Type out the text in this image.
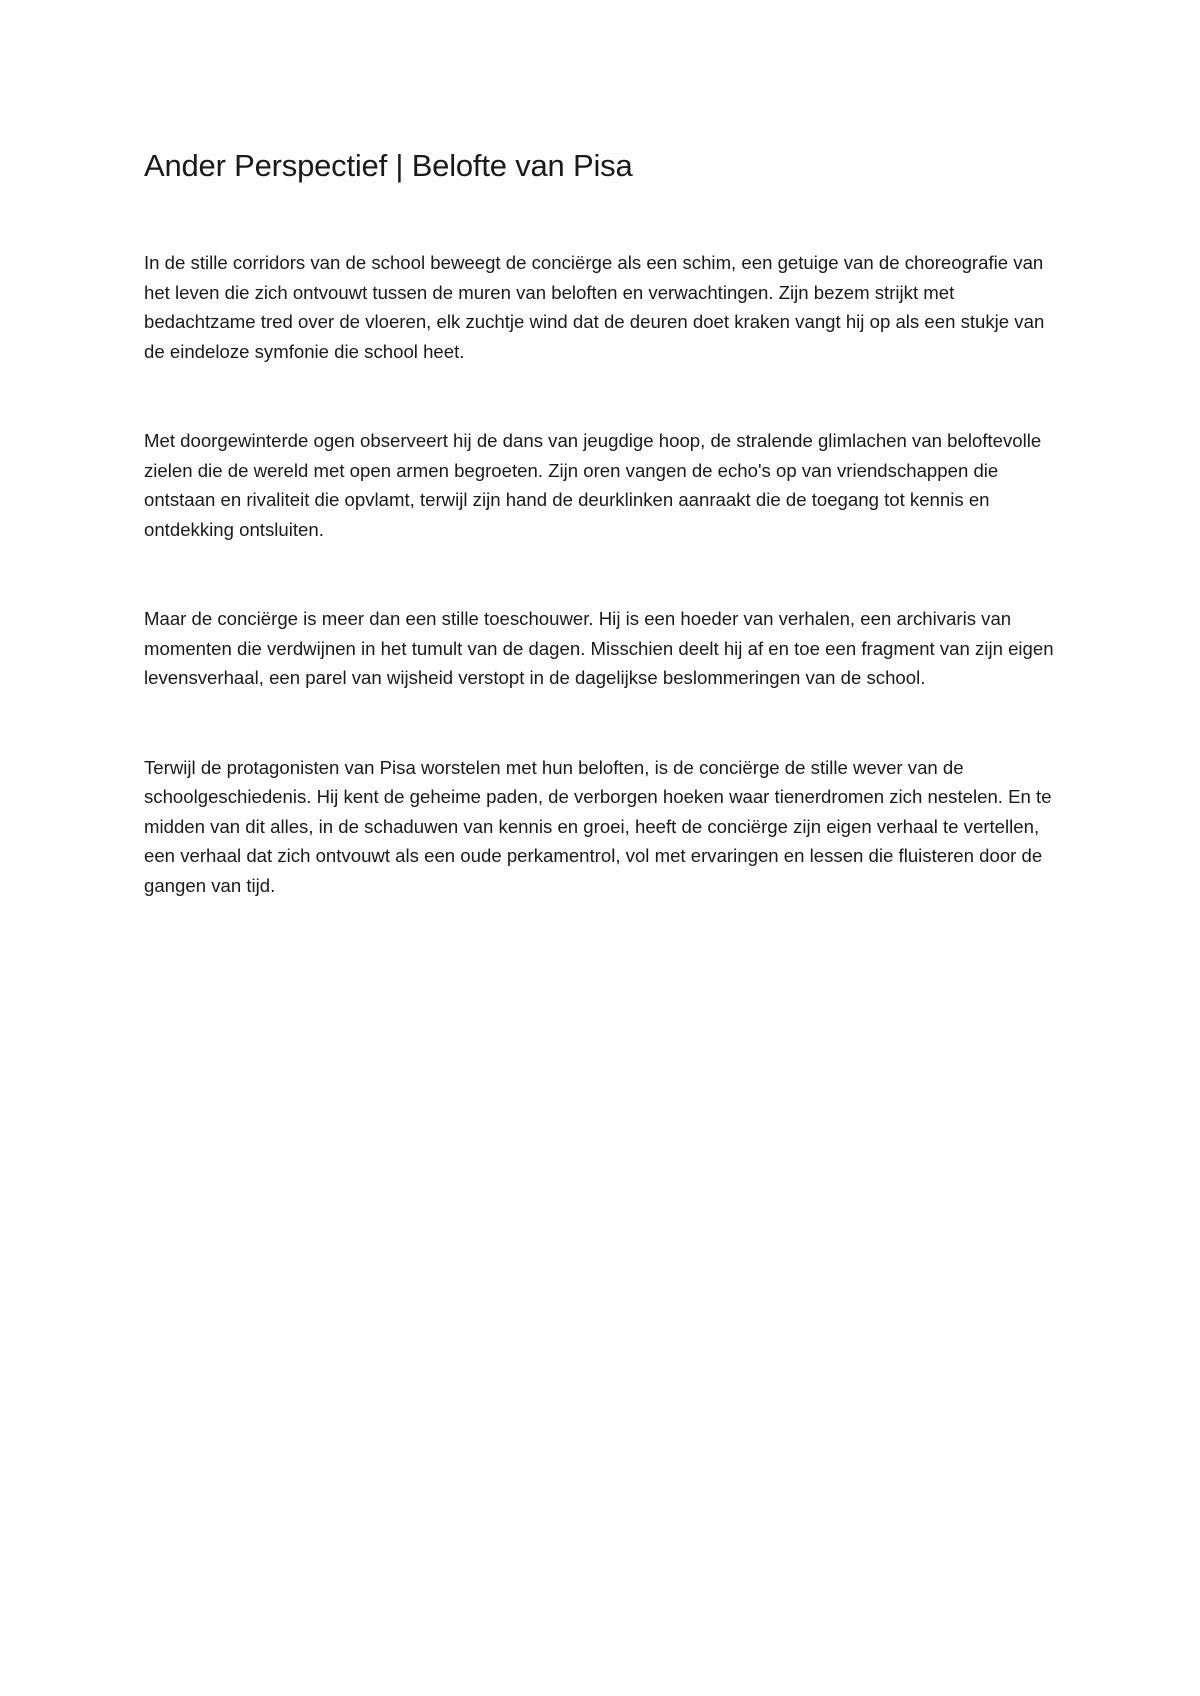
Ander Perspectief | Belofte van Pisa

In de stille corridors van de school beweegt de conciërge als een schim, een getuige van de choreografie van het leven die zich ontvouwt tussen de muren van beloften en verwachtingen. Zijn bezem strijkt met bedachtzame tred over de vloeren, elk zuchtje wind dat de deuren doet kraken vangt hij op als een stukje van de eindeloze symfonie die school heet.

Met doorgewinterde ogen observeert hij de dans van jeugdige hoop, de stralende glimlachen van beloftevolle zielen die de wereld met open armen begroeten. Zijn oren vangen de echo's op van vriendschappen die ontstaan en rivaliteit die opvlamt, terwijl zijn hand de deurklinken aanraakt die de toegang tot kennis en ontdekking ontsluiten.

Maar de conciërge is meer dan een stille toeschouwer. Hij is een hoeder van verhalen, een archivaris van momenten die verdwijnen in het tumult van de dagen. Misschien deelt hij af en toe een fragment van zijn eigen levensverhaal, een parel van wijsheid verstopt in de dagelijkse beslommeringen van de school.

Terwijl de protagonisten van Pisa worstelen met hun beloften, is de conciërge de stille wever van de schoolgeschiedenis. Hij kent de geheime paden, de verborgen hoeken waar tienerdromen zich nestelen. En te midden van dit alles, in de schaduwen van kennis en groei, heeft de conciërge zijn eigen verhaal te vertellen, een verhaal dat zich ontvouwt als een oude perkamentrol, vol met ervaringen en lessen die fluisteren door de gangen van tijd.
